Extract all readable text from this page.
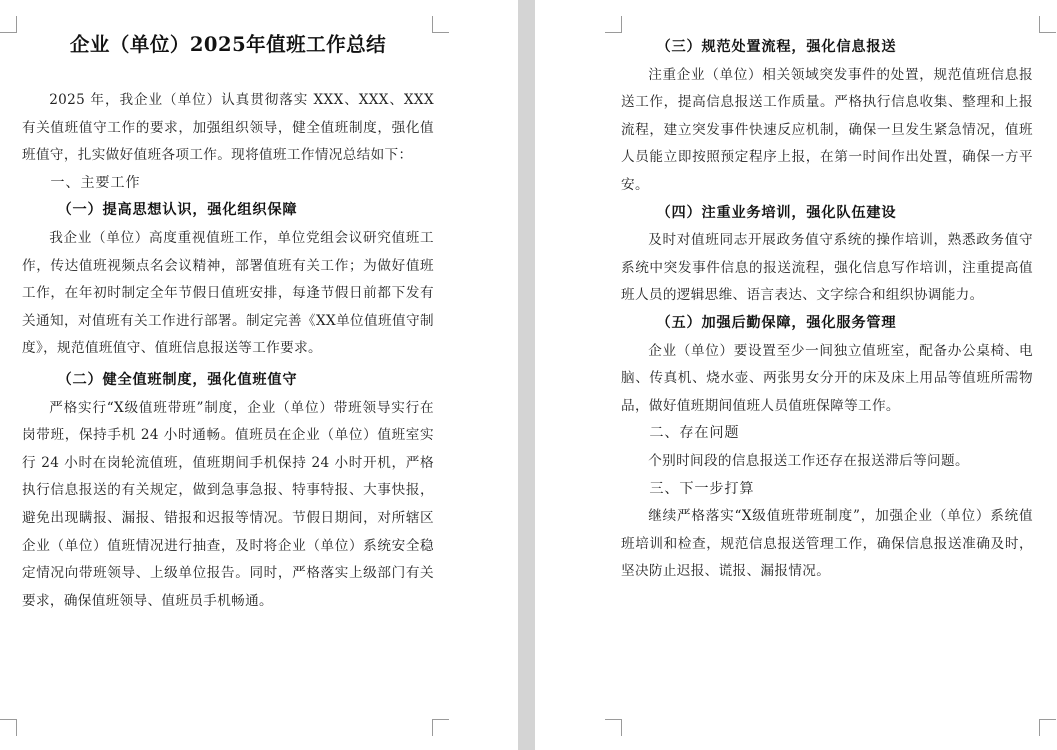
企业（单位）2025年值班工作总结

2025 年，我企业（单位）认真贯彻落实 XXX、XXX、XXX 有关值班值守工作的要求，加强组织领导，健全值班制度，强化值班值守，扎实做好值班各项工作。现将值班工作情况总结如下：

一、主要工作
（一）提高思想认识，强化组织保障

我企业（单位）高度重视值班工作，单位党组会议研究值班工作，传达值班视频点名会议精神，部署值班有关工作；为做好值班工作，在年初时制定全年节假日值班安排，每逢节假日前都下发有关通知，对值班有关工作进行部署。制定完善《XX单位值班值守制度》，规范值班值守、值班信息报送等工作要求。

（二）健全值班制度，强化值班值守

严格实行“X级值班带班”制度，企业（单位）带班领导实行在岗带班，保持手机 24 小时通畅。值班员在企业（单位）值班室实行 24 小时在岗轮流值班，值班期间手机保持 24 小时开机，严格执行信息报送的有关规定，做到急事急报、特事特报、大事快报，避免出现瞒报、漏报、错报和迟报等情况。节假日期间，对所辖区企业（单位）值班情况进行抽查，及时将企业（单位）系统安全稳定情况向带班领导、上级单位报告。同时，严格落实上级部门有关要求，确保值班领导、值班员手机畅通。

（三）规范处置流程，强化信息报送

注重企业（单位）相关领域突发事件的处置，规范值班信息报送工作，提高信息报送工作质量。严格执行信息收集、整理和上报流程，建立突发事件快速反应机制，确保一旦发生紧急情况，值班人员能立即按照预定程序上报，在第一时间作出处置，确保一方平安。

（四）注重业务培训，强化队伍建设

及时对值班同志开展政务值守系统的操作培训，熟悉政务值守系统中突发事件信息的报送流程，强化信息写作培训，注重提高值班人员的逻辑思维、语言表达、文字综合和组织协调能力。

（五）加强后勤保障，强化服务管理

企业（单位）要设置至少一间独立值班室，配备办公桌椅、电脑、传真机、烧水壶、两张男女分开的床及床上用品等值班所需物品，做好值班期间值班人员值班保障等工作。

二、存在问题

个别时间段的信息报送工作还存在报送滞后等问题。

三、下一步打算

继续严格落实“X级值班带班制度”，加强企业（单位）系统值班培训和检查，规范信息报送管理工作，确保信息报送准确及时，坚决防止迟报、谎报、漏报情况。
